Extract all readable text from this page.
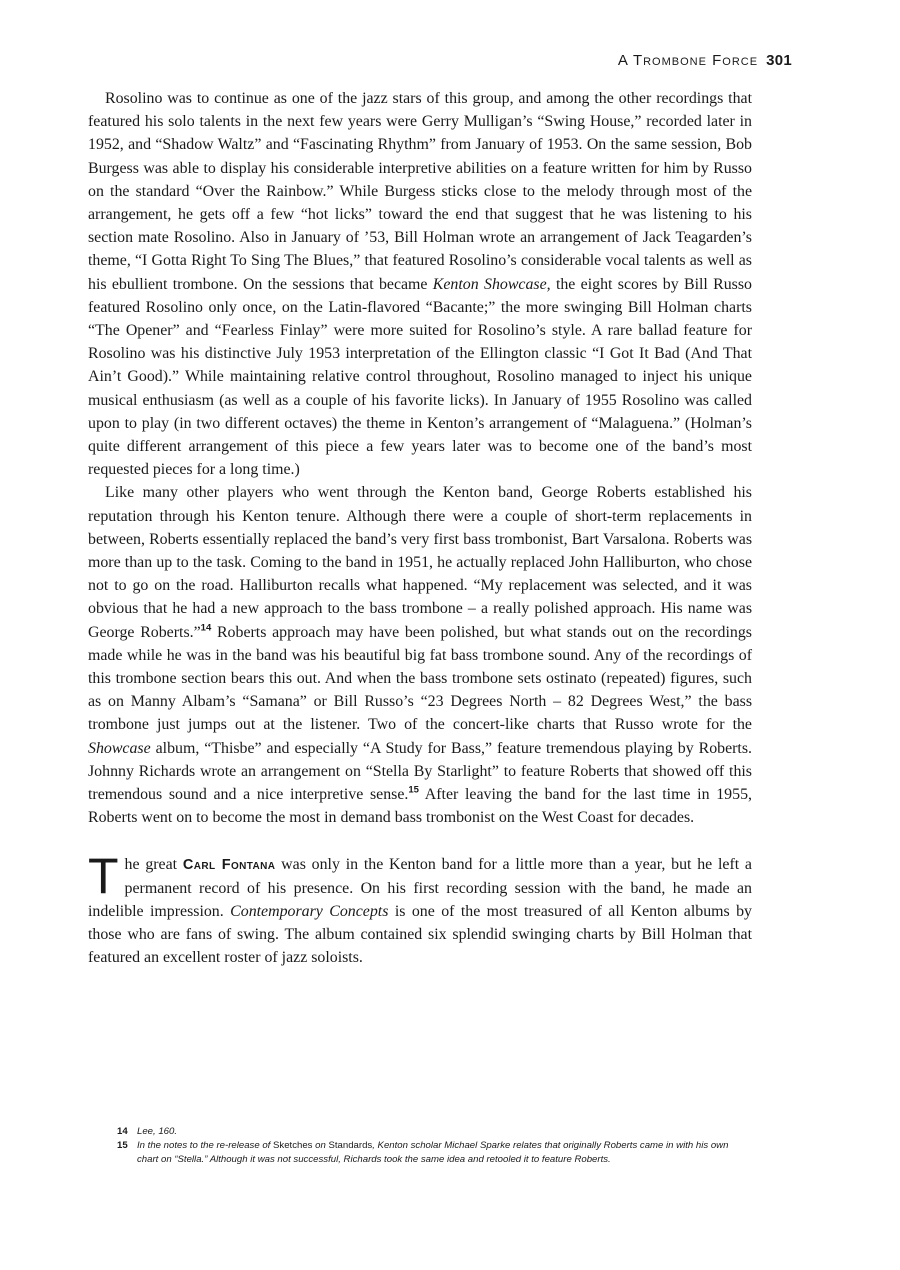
A Trombone Force 301

Rosolino was to continue as one of the jazz stars of this group, and among the other recordings that featured his solo talents in the next few years were Gerry Mulligan’s “Swing House,” recorded later in 1952, and “Shadow Waltz” and “Fascinating Rhythm” from January of 1953. On the same session, Bob Burgess was able to display his considerable interpretive abilities on a feature written for him by Russo on the standard “Over the Rainbow.” While Burgess sticks close to the melody through most of the arrangement, he gets off a few “hot licks” toward the end that suggest that he was listening to his section mate Rosolino. Also in January of ’53, Bill Holman wrote an arrangement of Jack Teagarden’s theme, “I Gotta Right To Sing The Blues,” that featured Rosolino’s considerable vocal talents as well as his ebullient trombone. On the sessions that became Kenton Showcase, the eight scores by Bill Russo featured Rosolino only once, on the Latin-flavored “Bacante;” the more swinging Bill Holman charts “The Opener” and “Fearless Finlay” were more suited for Rosolino’s style. A rare ballad feature for Rosolino was his distinctive July 1953 interpretation of the Ellington classic “I Got It Bad (And That Ain’t Good).” While maintaining relative control throughout, Rosolino managed to inject his unique musical enthusiasm (as well as a couple of his favorite licks). In January of 1955 Rosolino was called upon to play (in two different octaves) the theme in Kenton’s arrangement of “Malaguena.” (Holman’s quite different arrangement of this piece a few years later was to become one of the band’s most requested pieces for a long time.)

Like many other players who went through the Kenton band, George Roberts established his reputation through his Kenton tenure. Although there were a couple of short-term replacements in between, Roberts essentially replaced the band’s very first bass trombonist, Bart Varsalona. Roberts was more than up to the task. Coming to the band in 1951, he actually replaced John Halliburton, who chose not to go on the road. Halliburton recalls what happened. “My replacement was selected, and it was obvious that he had a new approach to the bass trombone – a really polished approach. His name was George Roberts.”$^{14}$ Roberts approach may have been polished, but what stands out on the recordings made while he was in the band was his beautiful big fat bass trombone sound. Any of the recordings of this trombone section bears this out. And when the bass trombone sets ostinato (repeated) figures, such as on Manny Albam’s “Samana” or Bill Russo’s “23 Degrees North – 82 Degrees West,” the bass trombone just jumps out at the listener. Two of the concert-like charts that Russo wrote for the Showcase album, “Thisbe” and especially “A Study for Bass,” feature tremendous playing by Roberts. Johnny Richards wrote an arrangement on “Stella By Starlight” to feature Roberts that showed off this tremendous sound and a nice interpretive sense.$^{15}$ After leaving the band for the last time in 1955, Roberts went on to become the most in demand bass trombonist on the West Coast for decades.

The great Carl Fontana was only in the Kenton band for a little more than a year, but he left a permanent record of his presence. On his first recording session with the band, he made an indelible impression. Contemporary Concepts is one of the most treasured of all Kenton albums by those who are fans of swing. The album contained six splendid swinging charts by Bill Holman that featured an excellent roster of jazz soloists.

14 Lee, 160.
15 In the notes to the re-release of Sketches on Standards, Kenton scholar Michael Sparke relates that originally Roberts came in with his own chart on “Stella.” Although it was not successful, Richards took the same idea and retooled it to feature Roberts.
